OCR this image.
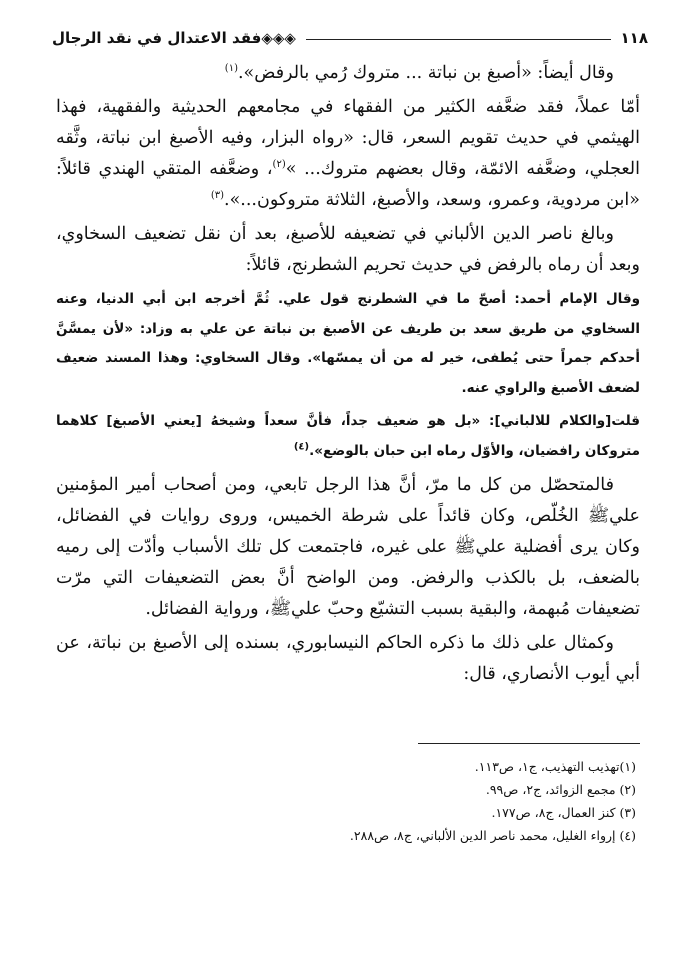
١١٨
◈◈◈فقد الاعتدال في نقد الرجال

وقال أيضاً: «أصبغ بن نباتة ... متروك رُمي بالرفض».$^{(١)}$

أمّا عملاً، فقد ضعَّفه الكثير من الفقهاء في مجامعهم الحديثية والفقهية، فهذا الهيثمي في حديث تقويم السعر، قال: «رواه البزار، وفيه الأصبغ ابن نباتة، وثَّقه العجلي، وضعَّفه الائمّة، وقال بعضهم متروك... »$^{(٢)}$، وضعَّفه المتقي الهندي قائلاً: «ابن مردوية، وعمرو، وسعد، والأصبغ، الثلاثة متروكون...».$^{(٣)}$

وبالغ ناصر الدين الألباني في تضعيفه للأصبغ، بعد أن نقل تضعيف السخاوي، وبعد أن رماه بالرفض في حديث تحريم الشطرنج، قائلاً:

وقال الإمام أحمد: أصحّ ما في الشطرنج قول علي. ثُمَّ أخرجه ابن أبي الدنيا، وعنه السخاوي من طريق سعد بن طريف عن الأصبغ بن نباتة عن علي به وزاد: «لأن يمسَّنَّ أحدكم جمراً حتى يُطفى، خير له من أن يمسّها». وقال السخاوي: وهذا المسند ضعيف لضعف الأصبغ والراوي عنه.

قلت[والكلام للالباني]: «بل هو ضعيف جداً، فأنَّ سعداً وشيخهُ [يعني الأصبغ] كلاهما متروكان رافضيان، والأوّل رماه ابن حبان بالوضع».$^{(٤)}$

فالمتحصّل من كل ما مرّ، أنَّ هذا الرجل تابعي، ومن أصحاب أمير المؤمنين عليﷺ الخُلّص، وكان قائداً على شرطة الخميس، وروى روايات في الفضائل، وكان يرى أفضلية عليﷺ على غيره، فاجتمعت كل تلك الأسباب وأدّت إلى رميه بالضعف، بل بالكذب والرفض. ومن الواضح أنَّ بعض التضعيفات التي مرّت تضعيفات مُبهمة، والبقية بسبب التشيّع وحبّ عليﷺ، ورواية الفضائل.

وكمثال على ذلك ما ذكره الحاكم النيسابوري، بسنده إلى الأصبغ بن نباتة، عن أبي أيوب الأنصاري، قال:

(١)تهذيب التهذيب، ج١، ص١١٣.
(٢) مجمع الزوائد، ج٢، ص٩٩.
(٣) كنز العمال، ج٨، ص١٧٧.
(٤) إرواء الغليل، محمد ناصر الدين الألباني، ج٨، ص٢٨٨.
